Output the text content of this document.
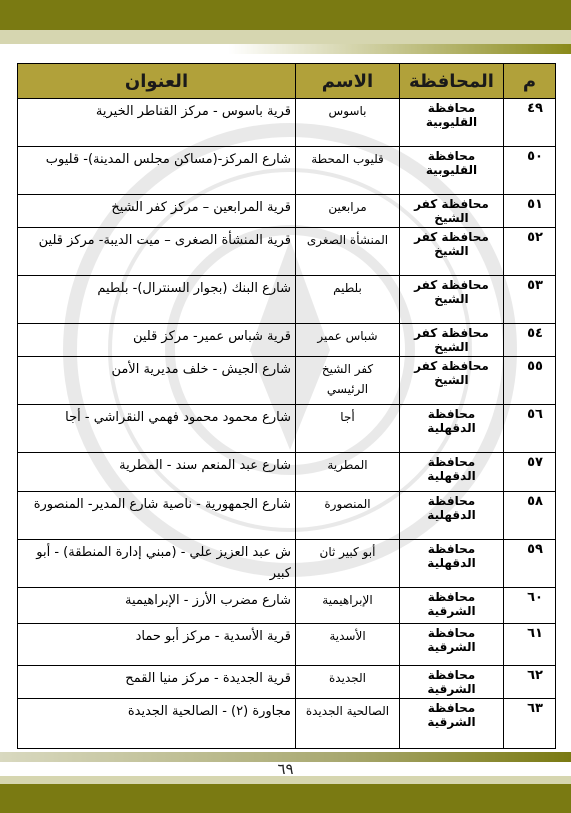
م	المحافظة	الاسم	العنوان
٤٩	محافظة القليوبية	باسوس	قرية باسوس - مركز القناطر الخيرية
٥٠	محافظة القليوبية	قليوب المحطة	شارع المركز-(مساكن مجلس المدينة)- قليوب
٥١	محافظة كفر الشيخ	مرابعين	قرية المرابعين – مركز كفر الشيخ
٥٢	محافظة كفر الشيخ	المنشأة الصغرى	قرية المنشأة الصغرى – ميت الديبة- مركز قلين
٥٣	محافظة كفر الشيخ	بلطيم	شارع البنك (بجوار السنترال)- بلطيم
٥٤	محافظة كفر الشيخ	شباس عمير	قرية شباس عمير- مركز قلين
٥٥	محافظة كفر الشيخ	كفر الشيخ الرئيسي	شارع الجيش - خلف مديرية الأمن
٥٦	محافظة الدقهلية	أجا	شارع محمود محمود فهمي النقراشي - أجا
٥٧	محافظة الدقهلية	المطرية	شارع عبد المنعم سند - المطرية
٥٨	محافظة الدقهلية	المنصورة	شارع الجمهورية - ناصية شارع المدير- المنصورة
٥٩	محافظة الدقهلية	أبو كبير ثان	ش عبد العزيز علي - (مبني إدارة المنطقة) - أبو كبير
٦٠	محافظة الشرقية	الإبراهيمية	شارع مضرب الأرز - الإبراهيمية
٦١	محافظة الشرقية	الأسدية	قرية الأسدية - مركز أبو حماد
٦٢	محافظة الشرقية	الجديدة	قرية الجديدة - مركز منيا القمح
٦٣	محافظة الشرقية	الصالحية الجديدة	مجاورة (٢) - الصالحية الجديدة
٦٩
